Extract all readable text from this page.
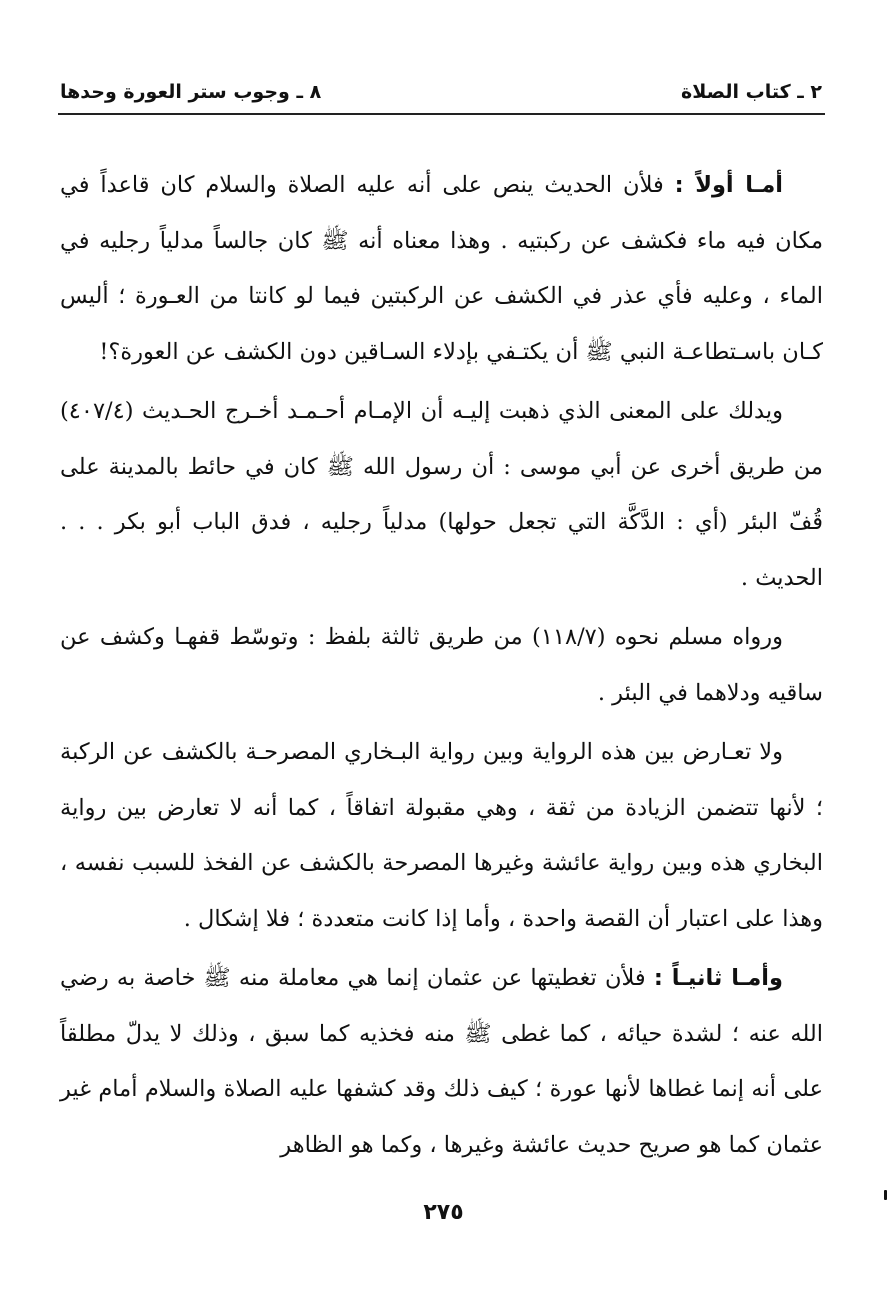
٢ ـ كتاب الصلاة
٨ ـ وجوب ستر العورة وحدها

أمـا أولاً : فلأن الحديث ينص على أنه عليه الصلاة والسلام كان قاعداً في مكان فيه ماء فكشف عن ركبتيه . وهذا معناه أنه ﷺ كان جالساً مدلياً رجليه في الماء ، وعليه فأي عذر في الكشف عن الركبتين فيما لو كانتا من العـورة ؛ أليس كـان باسـتطاعـة النبي ﷺ أن يكتـفي بإدلاء السـاقين دون الكشف عن العورة؟!

ويدلك على المعنى الذي ذهبت إليـه أن الإمـام أحـمـد أخـرج الحـديث (٤٠٧/٤) من طريق أخرى عن أبي موسى : أن رسول الله ﷺ كان في حائط بالمدينة على قُفّ البئر (أي : الدَّكَّة التي تجعل حولها) مدلياً رجليه ، فدق الباب أبو بكر . . . الحديث .

ورواه مسلم نحوه (١١٨/٧) من طريق ثالثة بلفظ : وتوسّط قفهـا وكشف عن ساقيه ودلاهما في البئر .

ولا تعـارض بين هذه الرواية وبين رواية البـخاري المصرحـة بالكشف عن الركبة ؛ لأنها تتضمن الزيادة من ثقة ، وهي مقبولة اتفاقاً ، كما أنه لا تعارض بين رواية البخاري هذه وبين رواية عائشة وغيرها المصرحة بالكشف عن الفخذ للسبب نفسه ، وهذا على اعتبار أن القصة واحدة ، وأما إذا كانت متعددة ؛ فلا إشكال .

وأمـا ثانيـاً : فلأن تغطيتها عن عثمان إنما هي معاملة منه ﷺ خاصة به رضي الله عنه ؛ لشدة حيائه ، كما غطى ﷺ منه فخذيه كما سبق ، وذلك لا يدلّ مطلقاً على أنه إنما غطاها لأنها عورة ؛ كيف ذلك وقد كشفها عليه الصلاة والسلام أمام غير عثمان كما هو صريح حديث عائشة وغيرها ، وكما هو الظاهر

٢٧٥
